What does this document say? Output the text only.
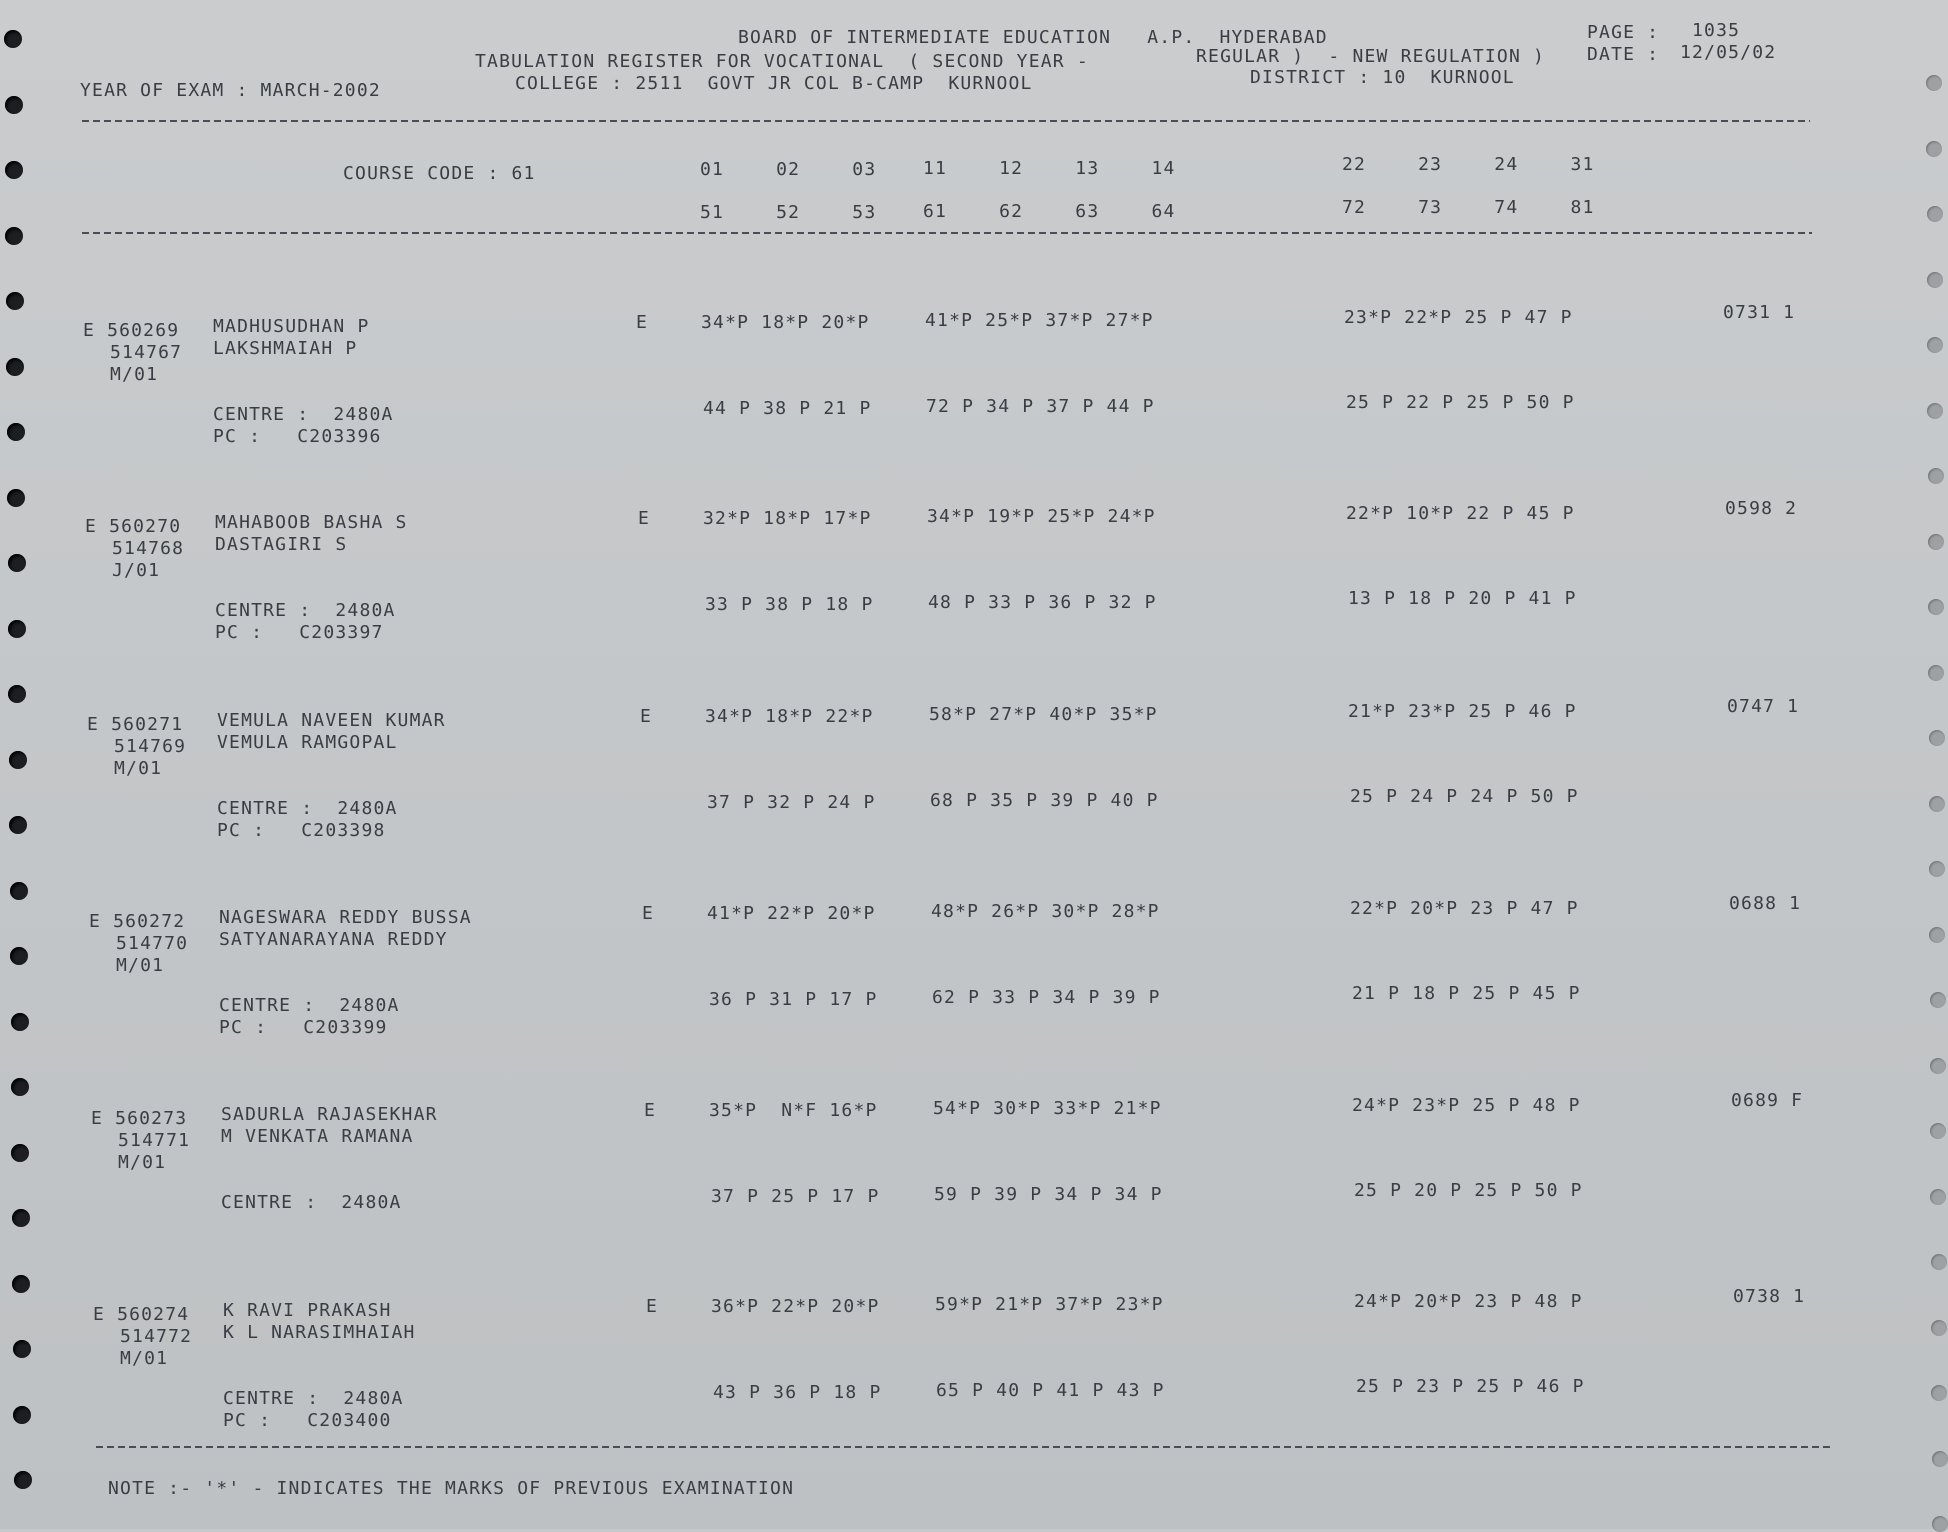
BOARD OF INTERMEDIATE EDUCATION   A.P.  HYDERABAD	PAGE : 1035
TABULATION REGISTER FOR VOCATIONAL  ( SECOND YEAR -	REGULAR )  - NEW REGULATION ) DATE : 12/05/02
YEAR OF EXAM : MARCH-2002	COLLEGE : 2511  GOVT JR COL B-CAMP  KURNOOL	DISTRICT : 10  KURNOOL
COURSE CODE : 61	01  02  03	11  12  13  14	22  23  24  31
51  52  53	61  62  63  64	72  73  74  81
E 560269
514767
M/01
MADHUSUDHAN P
LAKSHMAIAH P
E	34*P 18*P 20*P	41*P 25*P 37*P 27*P	23*P 22*P 25 P 47 P	0731 1
CENTRE :  2480A
PC :   C203396
44 P 38 P 21 P	72 P 34 P 37 P 44 P	25 P 22 P 25 P 50 P
E 560270
514768
J/01
MAHABOOB BASHA S
DASTAGIRI S
E	32*P 18*P 17*P	34*P 19*P 25*P 24*P	22*P 10*P 22 P 45 P	0598 2
CENTRE :  2480A
PC :   C203397
33 P 38 P 18 P	48 P 33 P 36 P 32 P	13 P 18 P 20 P 41 P
E 560271
514769
M/01
VEMULA NAVEEN KUMAR
VEMULA RAMGOPAL
E	34*P 18*P 22*P	58*P 27*P 40*P 35*P	21*P 23*P 25 P 46 P	0747 1
CENTRE :  2480A
PC :   C203398
37 P 32 P 24 P	68 P 35 P 39 P 40 P	25 P 24 P 24 P 50 P
E 560272
514770
M/01
NAGESWARA REDDY BUSSA
SATYANARAYANA REDDY
E	41*P 22*P 20*P	48*P 26*P 30*P 28*P	22*P 20*P 23 P 47 P	0688 1
CENTRE :  2480A
PC :   C203399
36 P 31 P 17 P	62 P 33 P 34 P 39 P	21 P 18 P 25 P 45 P
E 560273
514771
M/01
SADURLA RAJASEKHAR
M VENKATA RAMANA
E	35*P  N*F 16*P	54*P 30*P 33*P 21*P	24*P 23*P 25 P 48 P	0689 F
CENTRE :  2480A	37 P 25 P 17 P	59 P 39 P 34 P 34 P	25 P 20 P 25 P 50 P
E 560274
514772
M/01
K RAVI PRAKASH
K L NARASIMHAIAH
E	36*P 22*P 20*P	59*P 21*P 37*P 23*P	24*P 20*P 23 P 48 P	0738 1
CENTRE :  2480A
PC :   C203400
43 P 36 P 18 P	65 P 40 P 41 P 43 P	25 P 23 P 25 P 46 P
NOTE :- '*' - INDICATES THE MARKS OF PREVIOUS EXAMINATION
